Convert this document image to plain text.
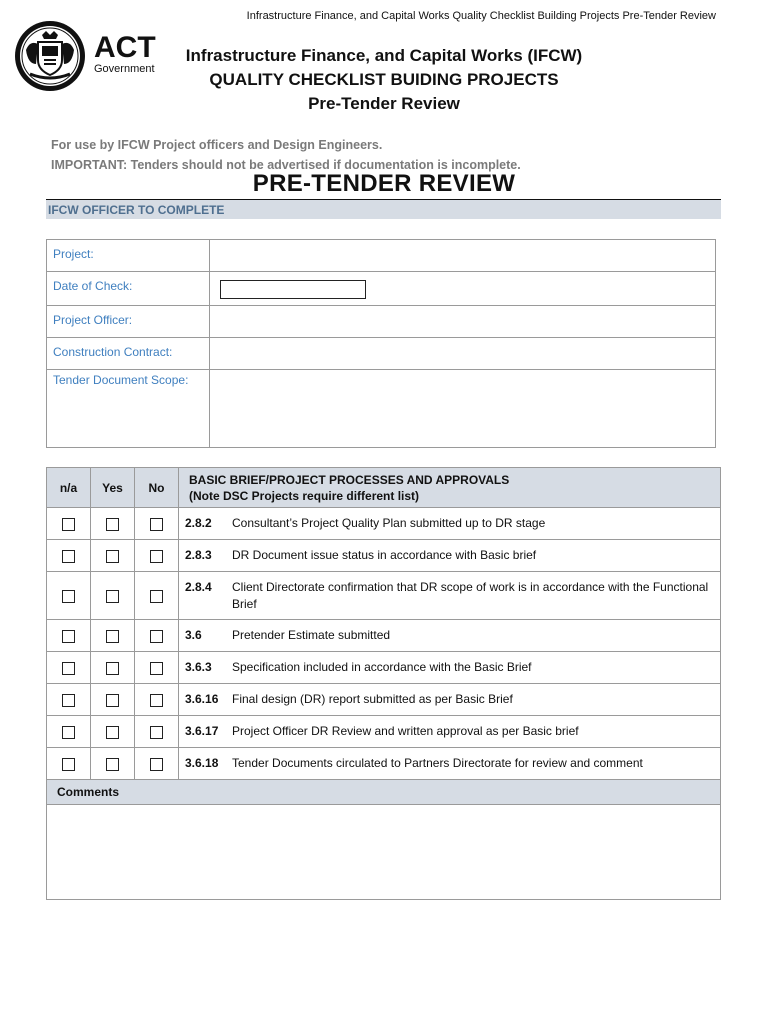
Infrastructure Finance, and Capital Works Quality Checklist Building Projects Pre-Tender Review
ACT
Government
Infrastructure Finance, and Capital Works (IFCW)
QUALITY CHECKLIST BUIDING PROJECTS
Pre-Tender Review
For use by IFCW Project officers and Design Engineers.
IMPORTANT: Tenders should not be advertised if documentation is incomplete.
PRE-TENDER REVIEW
IFCW OFFICER TO COMPLETE
Project:	
Date of Check:	

Project Officer:	
Construction Contract:	
Tender Document Scope:	
n/a	Yes	No	BASIC BRIEF/PROJECT PROCESSES AND APPROVALS
(Note DSC Projects require different list)

			2.8.2 Consultant’s Project Quality Plan submitted up to DR stage

			2.8.3 DR Document issue status in accordance with Basic brief

			2.8.4 Client Directorate confirmation that DR scope of work is in accordance with the Functional Brief

			3.6 Pretender Estimate submitted

			3.6.3 Specification included in accordance with the Basic Brief

			3.6.16 Final design (DR) report submitted as per Basic Brief

			3.6.17 Project Officer DR Review and written approval as per Basic brief

			3.6.18 Tender Documents circulated to Partners Directorate for review and comment

Comments			
